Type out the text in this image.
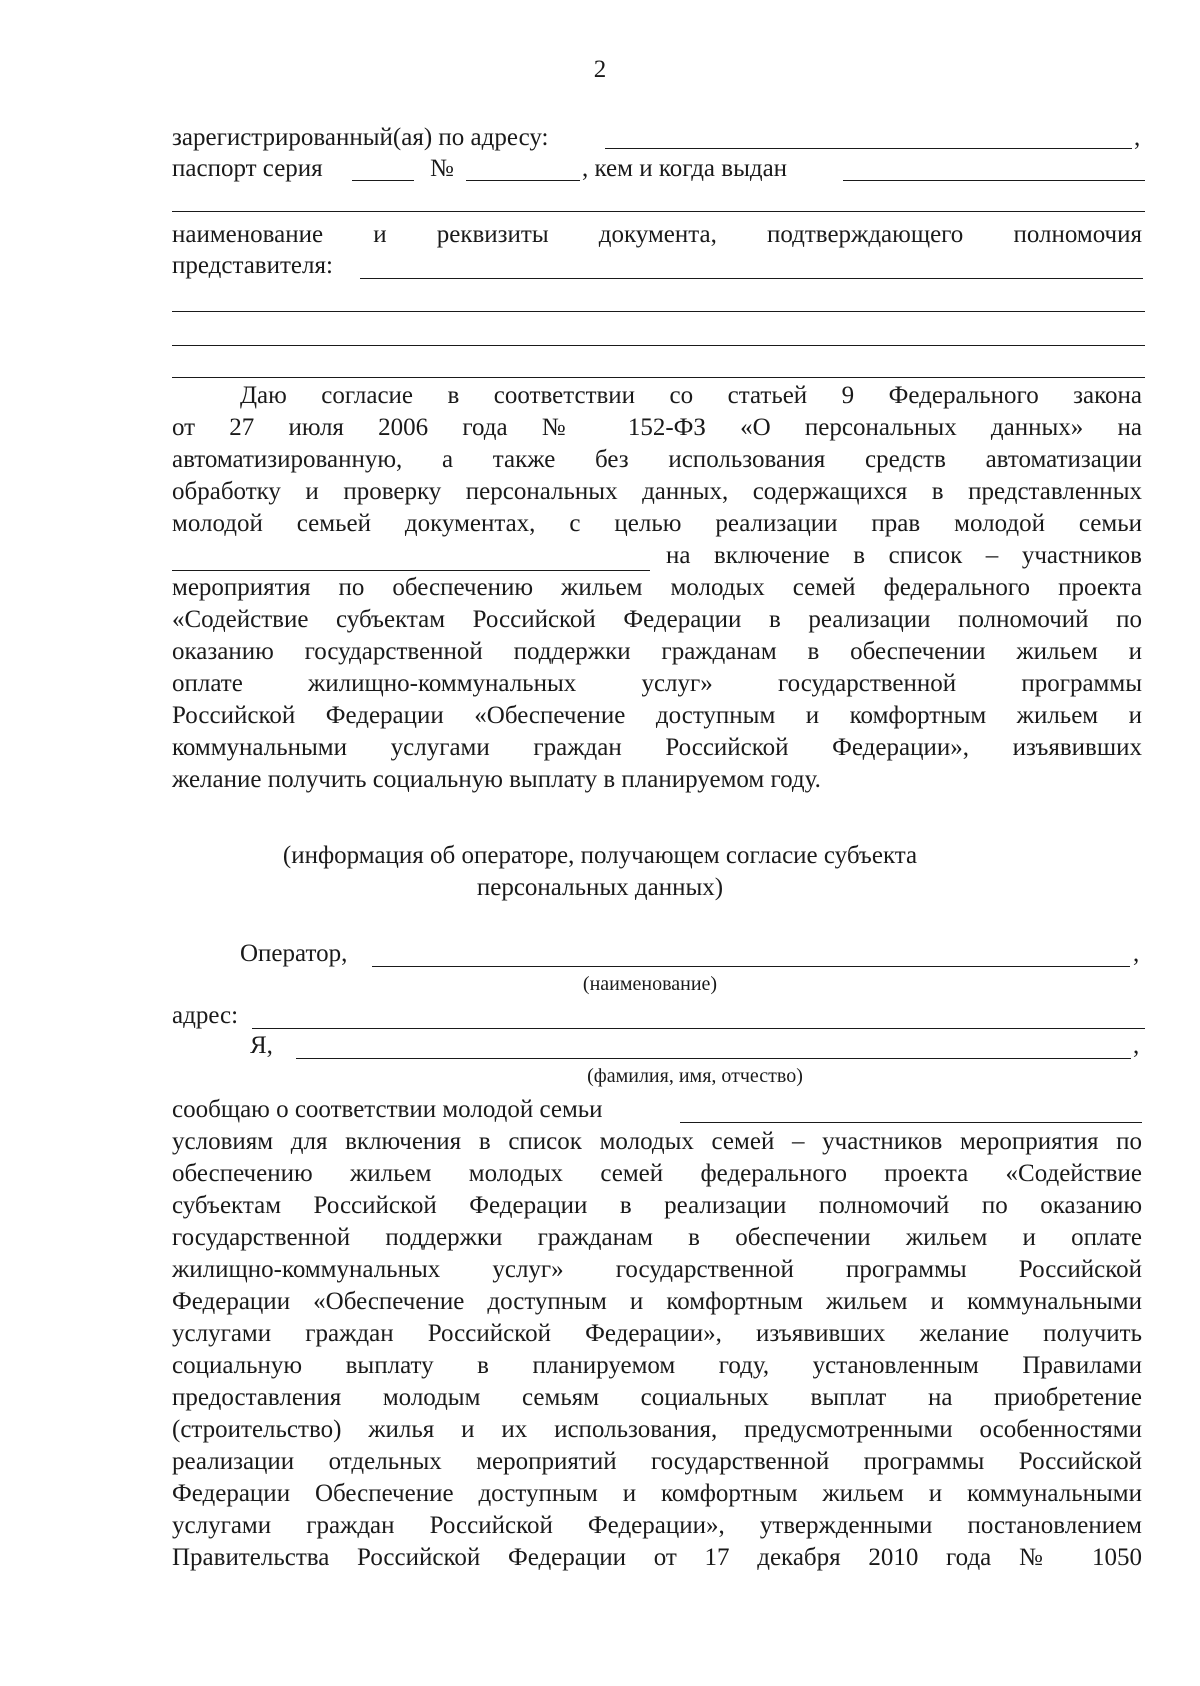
2
зарегистрированный(ая) по адресу:	,
паспорт серия	№	, кем и когда выдан
наименование и реквизиты документа, подтверждающего полномочия
представителя:
Даю согласие в соответствии со статьей 9 Федерального закона
от 27 июля 2006 года № 152-ФЗ «О персональных данных» на
автоматизированную, а также без использования средств автоматизации
обработку и проверку персональных данных, содержащихся в представленных
молодой семьей документах, с целью реализации прав молодой семьи
на включение в список – участников
мероприятия по обеспечению жильем молодых семей федерального проекта
«Содействие субъектам Российской Федерации в реализации полномочий по
оказанию государственной поддержки гражданам в обеспечении жильем и
оплате жилищно-коммунальных услуг» государственной программы
Российской Федерации «Обеспечение доступным и комфортным жильем и
коммунальными услугами граждан Российской Федерации», изъявивших
желание получить социальную выплату в планируемом году.
(информация об операторе, получающем согласие субъекта
персональных данных)
Оператор,	,
(наименование)
адрес:
Я,	,
(фамилия, имя, отчество)
сообщаю о соответствии молодой семьи
условиям для включения в список молодых семей – участников мероприятия по
обеспечению жильем молодых семей федерального проекта «Содействие
субъектам Российской Федерации в реализации полномочий по оказанию
государственной поддержки гражданам в обеспечении жильем и оплате
жилищно-коммунальных услуг» государственной программы Российской
Федерации «Обеспечение доступным и комфортным жильем и коммунальными
услугами граждан Российской Федерации», изъявивших желание получить
социальную выплату в планируемом году, установленным Правилами
предоставления молодым семьям социальных выплат на приобретение
(строительство) жилья и их использования, предусмотренными особенностями
реализации отдельных мероприятий государственной программы Российской
Федерации Обеспечение доступным и комфортным жильем и коммунальными
услугами граждан Российской Федерации», утвержденными постановлением
Правительства Российской Федерации от 17 декабря 2010 года № 1050
